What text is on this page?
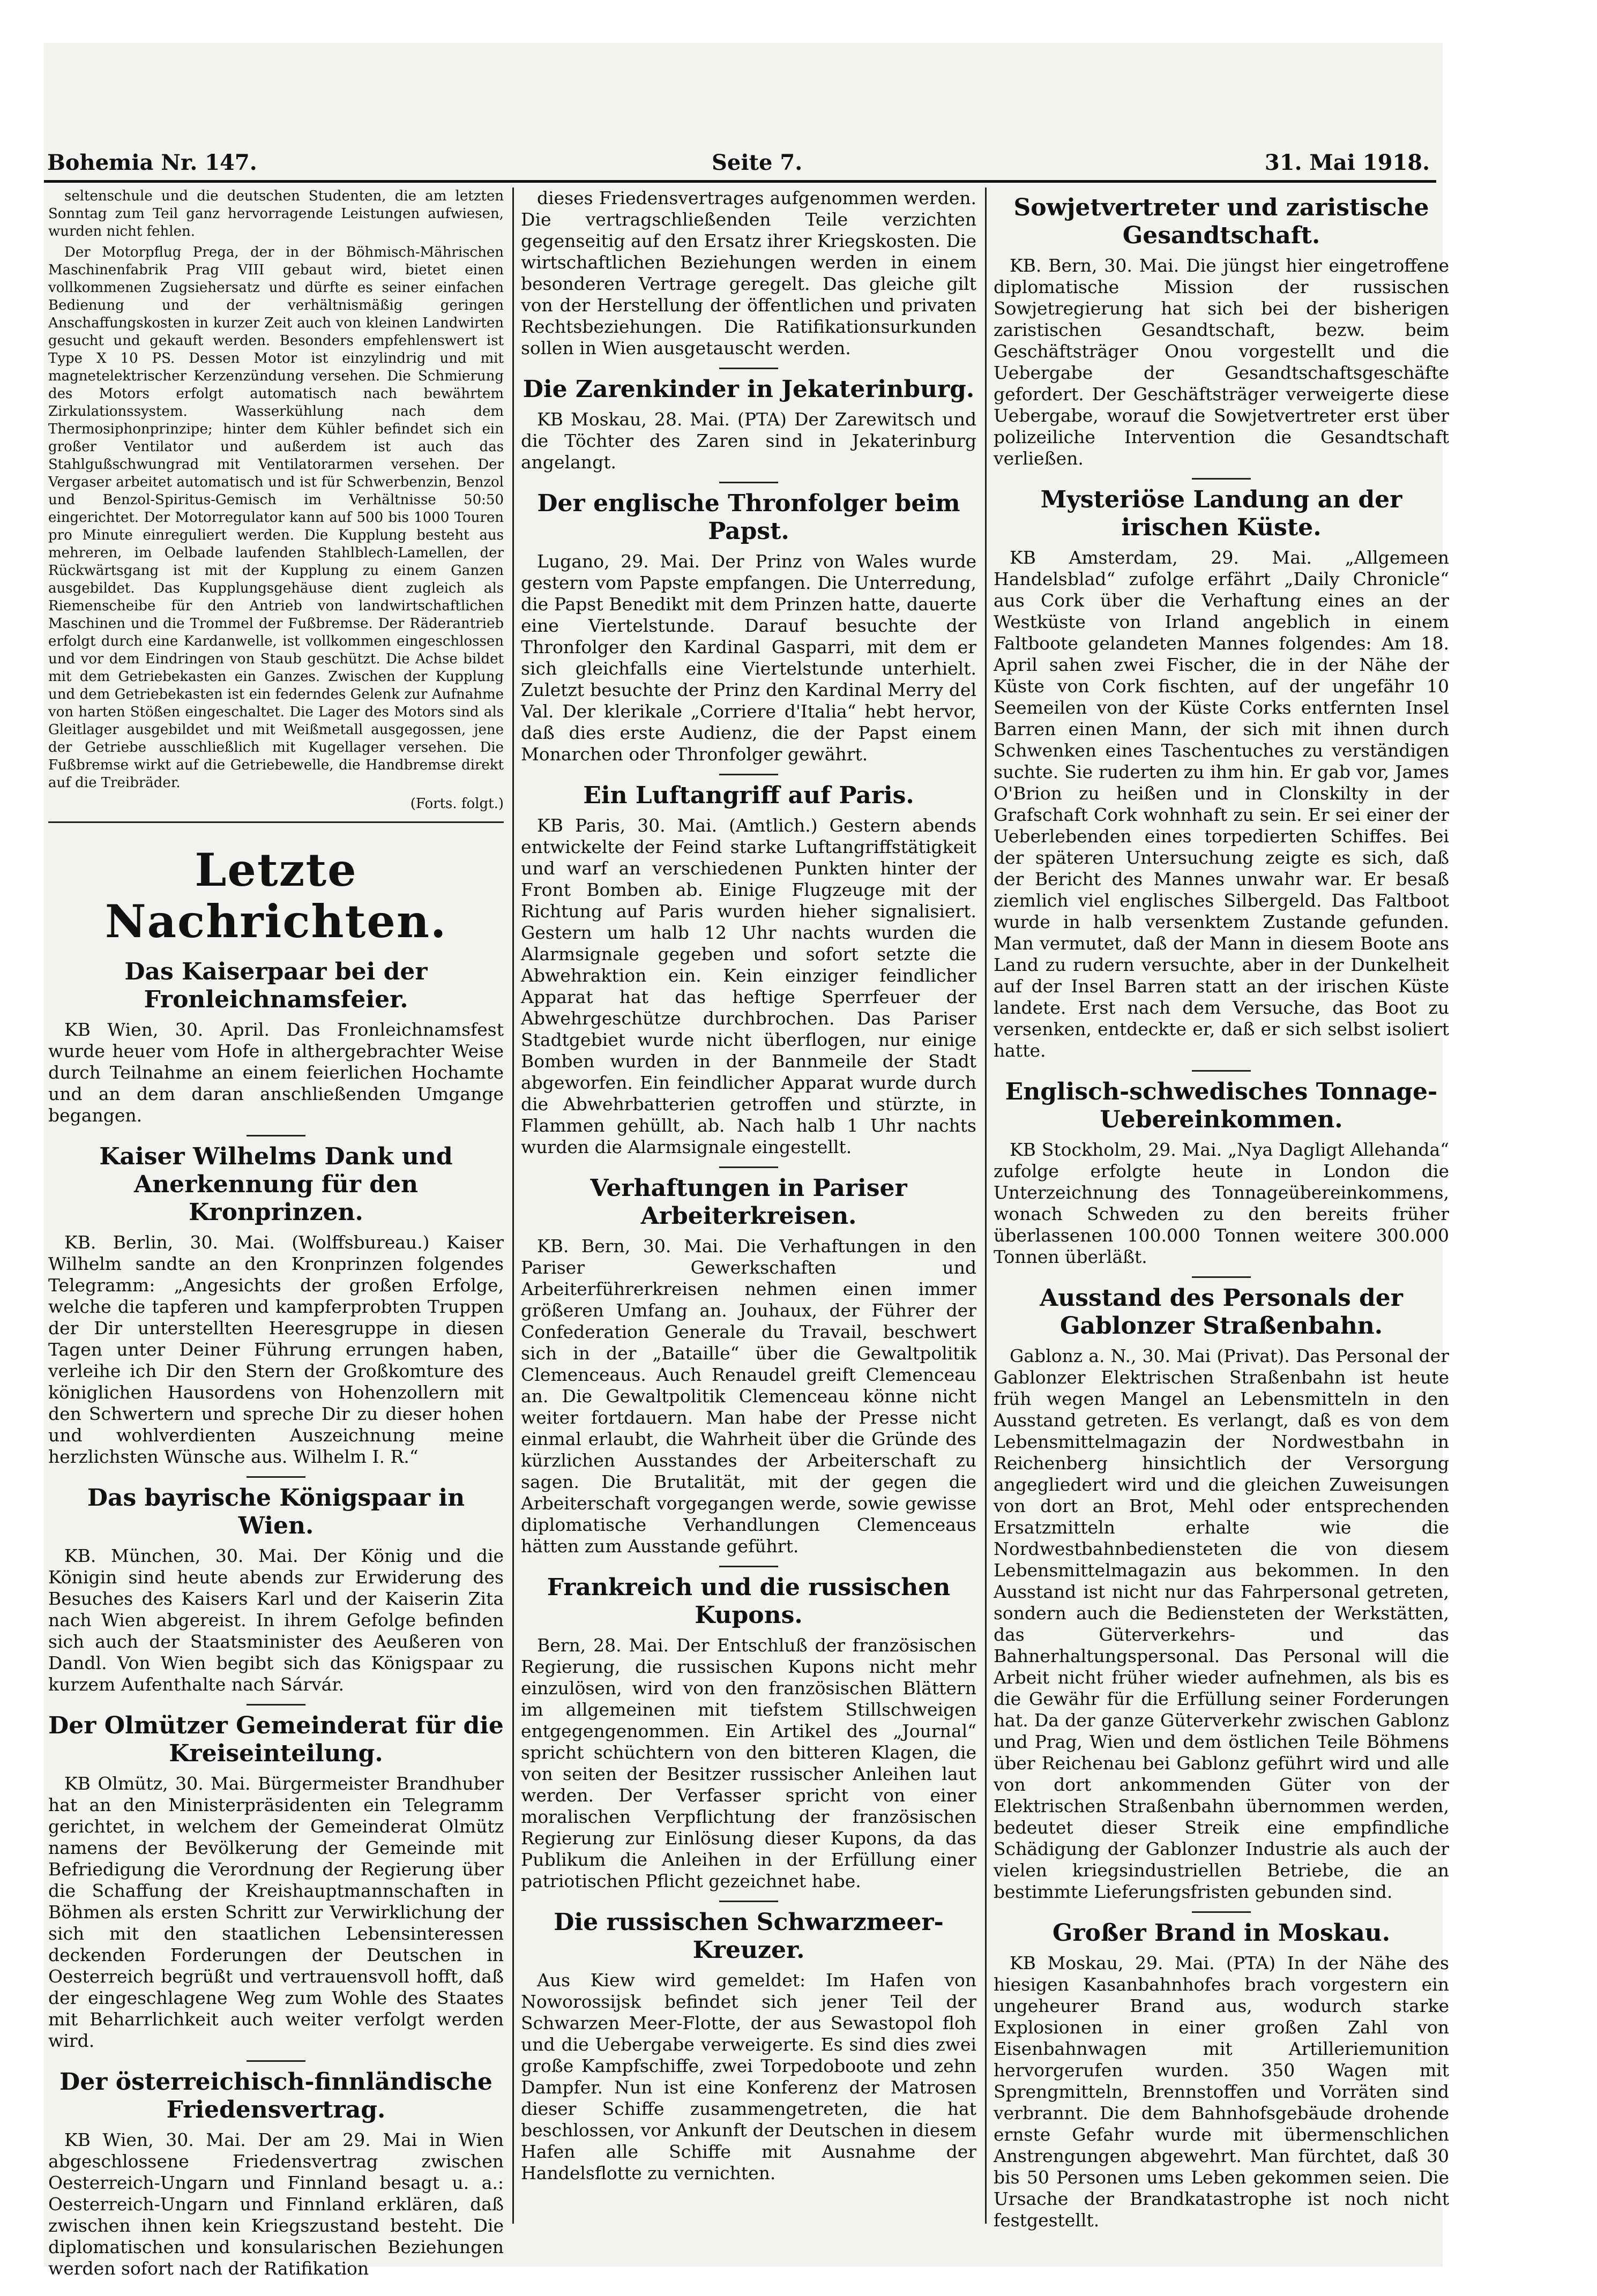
Bohemia Nr. 147.	Seite 7.	31. Mai 1918.

seltenschule und die deutschen Studenten, die am letzten Sonntag zum Teil ganz hervorragende Leistungen aufwiesen, wurden nicht fehlen.

Der Motorpflug Prega, der in der Böhmisch-Mährischen Maschinenfabrik Prag VIII gebaut wird, bietet einen vollkommenen Zugsiehersatz und dürfte es seiner einfachen Bedienung und der verhältnismäßig geringen Anschaffungskosten in kurzer Zeit auch von kleinen Landwirten gesucht und gekauft werden. Besonders empfehlenswert ist Type X 10 PS. Dessen Motor ist einzylindrig und mit magnetelektrischer Kerzenzündung versehen. Die Schmierung des Motors erfolgt automatisch nach bewährtem Zirkulationssystem. Wasserkühlung nach dem Thermosiphonprinzipe; hinter dem Kühler befindet sich ein großer Ventilator und außerdem ist auch das Stahlgußschwungrad mit Ventilatorarmen versehen. Der Vergaser arbeitet automatisch und ist für Schwerbenzin, Benzol und Benzol-Spiritus-Gemisch im Verhältnisse 50:50 eingerichtet. Der Motorregulator kann auf 500 bis 1000 Touren pro Minute einreguliert werden. Die Kupplung besteht aus mehreren, im Oelbade laufenden Stahlblech-Lamellen, der Rückwärtsgang ist mit der Kupplung zu einem Ganzen ausgebildet. Das Kupplungsgehäuse dient zugleich als Riemenscheibe für den Antrieb von landwirtschaftlichen Maschinen und die Trommel der Fußbremse. Der Räderantrieb erfolgt durch eine Kardanwelle, ist vollkommen eingeschlossen und vor dem Eindringen von Staub geschützt. Die Achse bildet mit dem Getriebekasten ein Ganzes. Zwischen der Kupplung und dem Getriebekasten ist ein federndes Gelenk zur Aufnahme von harten Stößen eingeschaltet. Die Lager des Motors sind als Gleitlager ausgebildet und mit Weißmetall ausgegossen, jene der Getriebe ausschließlich mit Kugellager versehen. Die Fußbremse wirkt auf die Getriebewelle, die Handbremse direkt auf die Treibräder.

(Forts. folgt.)

Letzte Nachrichten.
Das Kaiserpaar bei der Fronleichnamsfeier.

KB Wien, 30. April. Das Fronleichnamsfest wurde heuer vom Hofe in althergebrachter Weise durch Teilnahme an einem feierlichen Hochamte und an dem daran anschließenden Umgange begangen.

Kaiser Wilhelms Dank und Anerkennung für den Kronprinzen.

KB. Berlin, 30. Mai. (Wolffsbureau.) Kaiser Wilhelm sandte an den Kronprinzen folgendes Telegramm: „Angesichts der großen Erfolge, welche die tapferen und kampferprobten Truppen der Dir unterstellten Heeresgruppe in diesen Tagen unter Deiner Führung errungen haben, verleihe ich Dir den Stern der Großkomture des königlichen Hausordens von Hohenzollern mit den Schwertern und spreche Dir zu dieser hohen und wohlverdienten Auszeichnung meine herzlichsten Wünsche aus. Wilhelm I. R.“

Das bayrische Königspaar in Wien.

KB. München, 30. Mai. Der König und die Königin sind heute abends zur Erwiderung des Besuches des Kaisers Karl und der Kaiserin Zita nach Wien abgereist. In ihrem Gefolge befinden sich auch der Staatsminister des Aeußeren von Dandl. Von Wien begibt sich das Königspaar zu kurzem Aufenthalte nach Sárvár.

Der Olmützer Gemeinderat für die Kreiseinteilung.

KB Olmütz, 30. Mai. Bürgermeister Brandhuber hat an den Ministerpräsidenten ein Telegramm gerichtet, in welchem der Gemeinderat Olmütz namens der Bevölkerung der Gemeinde mit Befriedigung die Verordnung der Regierung über die Schaffung der Kreishauptmannschaften in Böhmen als ersten Schritt zur Verwirklichung der sich mit den staatlichen Lebensinteressen deckenden Forderungen der Deutschen in Oesterreich begrüßt und vertrauensvoll hofft, daß der eingeschlagene Weg zum Wohle des Staates mit Beharrlichkeit auch weiter verfolgt werden wird.

Der österreichisch-finnländische Friedensvertrag.

KB Wien, 30. Mai. Der am 29. Mai in Wien abgeschlossene Friedensvertrag zwischen Oesterreich-Ungarn und Finnland besagt u. a.: Oesterreich-Ungarn und Finnland erklären, daß zwischen ihnen kein Kriegszustand besteht. Die diplomatischen und konsularischen Beziehungen werden sofort nach der Ratifikation

dieses Friedensvertrages aufgenommen werden. Die vertragschließenden Teile verzichten gegenseitig auf den Ersatz ihrer Kriegskosten. Die wirtschaftlichen Beziehungen werden in einem besonderen Vertrage geregelt. Das gleiche gilt von der Herstellung der öffentlichen und privaten Rechtsbeziehungen. Die Ratifikationsurkunden sollen in Wien ausgetauscht werden.

Die Zarenkinder in Jekaterinburg.

KB Moskau, 28. Mai. (PTA) Der Zarewitsch und die Töchter des Zaren sind in Jekaterinburg angelangt.

Der englische Thronfolger beim Papst.

Lugano, 29. Mai. Der Prinz von Wales wurde gestern vom Papste empfangen. Die Unterredung, die Papst Benedikt mit dem Prinzen hatte, dauerte eine Viertelstunde. Darauf besuchte der Thronfolger den Kardinal Gasparri, mit dem er sich gleichfalls eine Viertelstunde unterhielt. Zuletzt besuchte der Prinz den Kardinal Merry del Val. Der klerikale „Corriere d'Italia“ hebt hervor, daß dies erste Audienz, die der Papst einem Monarchen oder Thronfolger gewährt.

Ein Luftangriff auf Paris.

KB Paris, 30. Mai. (Amtlich.) Gestern abends entwickelte der Feind starke Luftangriffstätigkeit und warf an verschiedenen Punkten hinter der Front Bomben ab. Einige Flugzeuge mit der Richtung auf Paris wurden hieher signalisiert. Gestern um halb 12 Uhr nachts wurden die Alarmsignale gegeben und sofort setzte die Abwehraktion ein. Kein einziger feindlicher Apparat hat das heftige Sperrfeuer der Abwehrgeschütze durchbrochen. Das Pariser Stadtgebiet wurde nicht überflogen, nur einige Bomben wurden in der Bannmeile der Stadt abgeworfen. Ein feindlicher Apparat wurde durch die Abwehrbatterien getroffen und stürzte, in Flammen gehüllt, ab. Nach halb 1 Uhr nachts wurden die Alarmsignale eingestellt.

Verhaftungen in Pariser Arbeiterkreisen.

KB. Bern, 30. Mai. Die Verhaftungen in den Pariser Gewerkschaften und Arbeiterführerkreisen nehmen einen immer größeren Umfang an. Jouhaux, der Führer der Confederation Generale du Travail, beschwert sich in der „Bataille“ über die Gewaltpolitik Clemenceaus. Auch Renaudel greift Clemenceau an. Die Gewaltpolitik Clemenceau könne nicht weiter fortdauern. Man habe der Presse nicht einmal erlaubt, die Wahrheit über die Gründe des kürzlichen Ausstandes der Arbeiterschaft zu sagen. Die Brutalität, mit der gegen die Arbeiterschaft vorgegangen werde, sowie gewisse diplomatische Verhandlungen Clemenceaus hätten zum Ausstande geführt.

Frankreich und die russischen Kupons.

Bern, 28. Mai. Der Entschluß der französischen Regierung, die russischen Kupons nicht mehr einzulösen, wird von den französischen Blättern im allgemeinen mit tiefstem Stillschweigen entgegengenommen. Ein Artikel des „Journal“ spricht schüchtern von den bitteren Klagen, die von seiten der Besitzer russischer Anleihen laut werden. Der Verfasser spricht von einer moralischen Verpflichtung der französischen Regierung zur Einlösung dieser Kupons, da das Publikum die Anleihen in der Erfüllung einer patriotischen Pflicht gezeichnet habe.

Die russischen Schwarzmeer-Kreuzer.

Aus Kiew wird gemeldet: Im Hafen von Noworossijsk befindet sich jener Teil der Schwarzen Meer-Flotte, der aus Sewastopol floh und die Uebergabe verweigerte. Es sind dies zwei große Kampfschiffe, zwei Torpedoboote und zehn Dampfer. Nun ist eine Konferenz der Matrosen dieser Schiffe zusammengetreten, die hat beschlossen, vor Ankunft der Deutschen in diesem Hafen alle Schiffe mit Ausnahme der Handelsflotte zu vernichten.

Sowjetvertreter und zaristische Gesandtschaft.

KB. Bern, 30. Mai. Die jüngst hier eingetroffene diplomatische Mission der russischen Sowjetregierung hat sich bei der bisherigen zaristischen Gesandtschaft, bezw. beim Geschäftsträger Onou vorgestellt und die Uebergabe der Gesandtschaftsgeschäfte gefordert. Der Geschäftsträger verweigerte diese Uebergabe, worauf die Sowjetvertreter erst über polizeiliche Intervention die Gesandtschaft verließen.

Mysteriöse Landung an der irischen Küste.

KB Amsterdam, 29. Mai. „Allgemeen Handelsblad“ zufolge erfährt „Daily Chronicle“ aus Cork über die Verhaftung eines an der Westküste von Irland angeblich in einem Faltboote gelandeten Mannes folgendes: Am 18. April sahen zwei Fischer, die in der Nähe der Küste von Cork fischten, auf der ungefähr 10 Seemeilen von der Küste Corks entfernten Insel Barren einen Mann, der sich mit ihnen durch Schwenken eines Taschentuches zu verständigen suchte. Sie ruderten zu ihm hin. Er gab vor, James O'Brion zu heißen und in Clonskilty in der Grafschaft Cork wohnhaft zu sein. Er sei einer der Ueberlebenden eines torpedierten Schiffes. Bei der späteren Untersuchung zeigte es sich, daß der Bericht des Mannes unwahr war. Er besaß ziemlich viel englisches Silbergeld. Das Faltboot wurde in halb versenktem Zustande gefunden. Man vermutet, daß der Mann in diesem Boote ans Land zu rudern versuchte, aber in der Dunkelheit auf der Insel Barren statt an der irischen Küste landete. Erst nach dem Versuche, das Boot zu versenken, entdeckte er, daß er sich selbst isoliert hatte.

Englisch-schwedisches Tonnage-Uebereinkommen.

KB Stockholm, 29. Mai. „Nya Dagligt Allehanda“ zufolge erfolgte heute in London die Unterzeichnung des Tonnageübereinkommens, wonach Schweden zu den bereits früher überlassenen 100.000 Tonnen weitere 300.000 Tonnen überläßt.

Ausstand des Personals der Gablonzer Straßenbahn.

Gablonz a. N., 30. Mai (Privat). Das Personal der Gablonzer Elektrischen Straßenbahn ist heute früh wegen Mangel an Lebensmitteln in den Ausstand getreten. Es verlangt, daß es von dem Lebensmittelmagazin der Nordwestbahn in Reichenberg hinsichtlich der Versorgung angegliedert wird und die gleichen Zuweisungen von dort an Brot, Mehl oder entsprechenden Ersatzmitteln erhalte wie die Nordwestbahnbediensteten die von diesem Lebensmittelmagazin aus bekommen. In den Ausstand ist nicht nur das Fahrpersonal getreten, sondern auch die Bediensteten der Werkstätten, das Güterverkehrs- und das Bahnerhaltungspersonal. Das Personal will die Arbeit nicht früher wieder aufnehmen, als bis es die Gewähr für die Erfüllung seiner Forderungen hat. Da der ganze Güterverkehr zwischen Gablonz und Prag, Wien und dem östlichen Teile Böhmens über Reichenau bei Gablonz geführt wird und alle von dort ankommenden Güter von der Elektrischen Straßenbahn übernommen werden, bedeutet dieser Streik eine empfindliche Schädigung der Gablonzer Industrie als auch der vielen kriegsindustriellen Betriebe, die an bestimmte Lieferungsfristen gebunden sind.

Großer Brand in Moskau.

KB Moskau, 29. Mai. (PTA) In der Nähe des hiesigen Kasanbahnhofes brach vorgestern ein ungeheurer Brand aus, wodurch starke Explosionen in einer großen Zahl von Eisenbahnwagen mit Artilleriemunition hervorgerufen wurden. 350 Wagen mit Sprengmitteln, Brennstoffen und Vorräten sind verbrannt. Die dem Bahnhofsgebäude drohende ernste Gefahr wurde mit übermenschlichen Anstrengungen abgewehrt. Man fürchtet, daß 30 bis 50 Personen ums Leben gekommen seien. Die Ursache der Brandkatastrophe ist noch nicht festgestellt.
